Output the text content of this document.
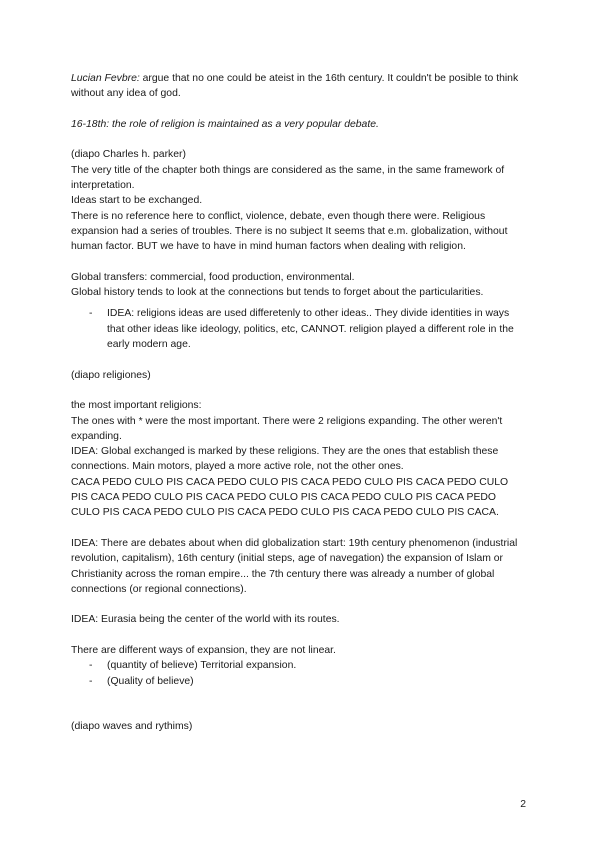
Lucian Fevbre: argue that no one could be ateist in the 16th century. It couldn't be posible to think without any idea of god.

16-18th: the role of religion is maintained as a very popular debate.

(diapo Charles h. parker)

The very title of the chapter both things are considered as the same, in the same framework of interpretation.

Ideas start to be exchanged.

There is no reference here to conflict, violence, debate, even though there were. Religious expansion had a series of troubles. There is no subject It seems that e.m. globalization, without human factor. BUT we have to have in mind human factors when dealing with religion.

Global transfers: commercial, food production, environmental.

Global history tends to look at the connections but tends to forget about the particularities.

-	IDEA: religions ideas are used differetenly to other ideas.. They divide identities in ways that other ideas like ideology, politics, etc, CANNOT. religion played a different role in the early modern age.

(diapo religiones)

the most important religions:

The ones with * were the most important. There were 2 religions expanding. The other weren't expanding.

IDEA: Global exchanged is marked by these religions. They are the ones that establish these connections. Main motors, played a more active role, not the other ones.

CACA PEDO CULO PIS CACA PEDO CULO PIS CACA PEDO CULO PIS CACA PEDO CULO PIS CACA PEDO CULO PIS CACA PEDO CULO PIS CACA PEDO CULO PIS CACA PEDO CULO PIS CACA PEDO CULO PIS CACA PEDO CULO PIS CACA PEDO CULO PIS CACA.

IDEA: There are debates about when did globalization start: 19th century phenomenon (industrial revolution, capitalism), 16th century (initial steps, age of navegation) the expansion of Islam or Christianity across the roman empire... the 7th century there was already a number of global connections (or regional connections).

IDEA: Eurasia being the center of the world with its routes.

There are different ways of expansion, they are not linear.

-	(quantity of believe) Territorial expansion.
-	(Quality of believe)

(diapo waves and rythims)

2
